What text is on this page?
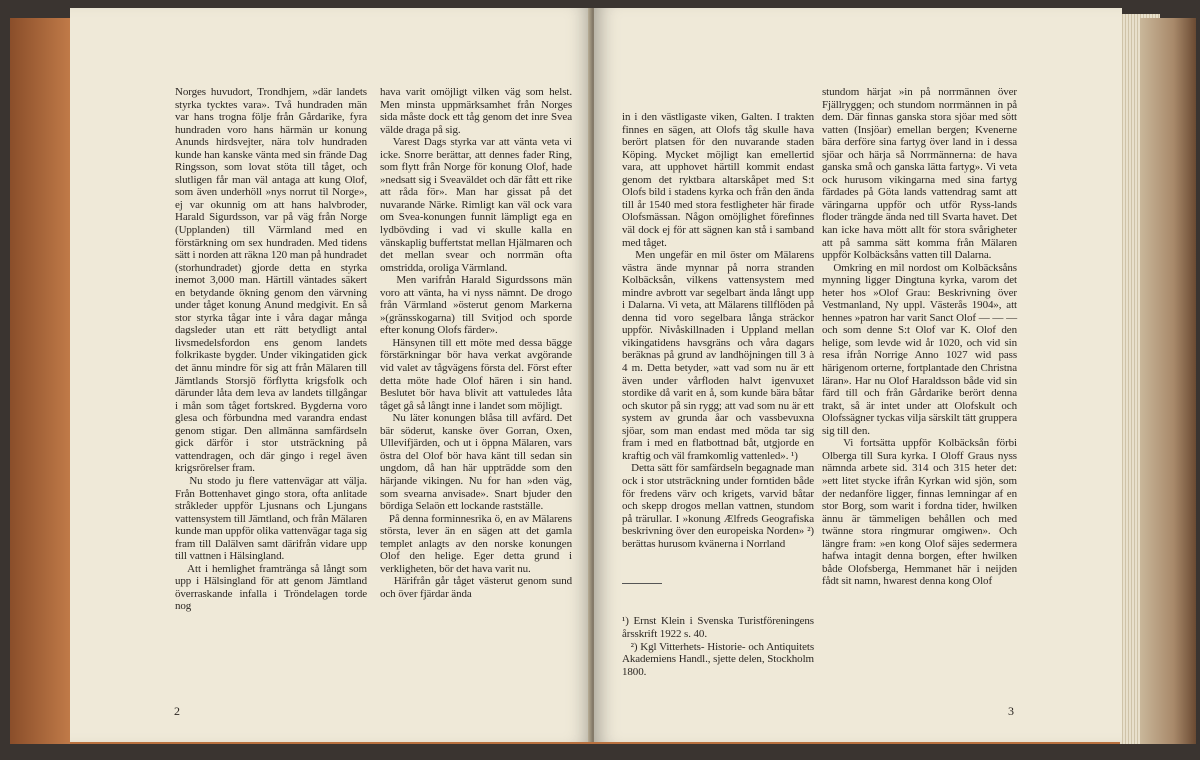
Norges huvudort, Trondhjem, »där landets styrka tycktes vara». Två hundraden män var hans trogna följe från Gårdarike, fyra hundraden voro hans härmän ur konung Anunds hirdsvejter, nära tolv hundraden kunde han kanske vänta med sin frände Dag Ringsson, som lovat stöta till tåget, och slutligen får man väl antaga att kung Olof, som även underhöll »nys norrut til Norge», ej var okunnig om att hans halvbroder, Harald Sigurdsson, var på väg från Norge (Upplanden) till Värmland med en förstärkning om sex hundraden. Med tidens sätt i norden att räkna 120 man på hundradet (storhundradet) gjorde detta en styrka inemot 3,000 man. Härtill väntades säkert en betydande ökning genom den värvning under tåget konung Anund medgivit. En så stor styrka tågar inte i våra dagar många dagsleder utan ett rätt betydligt antal livsmedelsfordon ens genom landets folkrikaste bygder. Under vikingatiden gick det ännu mindre för sig att från Mälaren till Jämtlands Storsjö förflytta krigsfolk och därunder låta dem leva av landets tillgångar i mån som tåget fortskred. Bygderna voro glesa och förbundna med varandra endast genom stigar. Den allmänna samfärdseln gick därför i stor utsträckning på vattendragen, och där gingo i regel även krigsrörelser fram.
Nu stodo ju flere vattenvägar att välja. Från Bottenhavet gingo stora, ofta anlitade stråkleder uppför Ljusnans och Ljungans vattensystem till Jämtland, och från Mälaren kunde man uppför olika vattenvägar taga sig fram till Dalälven samt därifrån vidare upp till vattnen i Hälsingland.
Att i hemlighet framtränga så långt som upp i Hälsingland för att genom Jämtland överraskande infalla i Tröndelagen torde nog
hava varit omöjligt vilken väg som helst. Men minsta uppmärksamhet från Norges sida måste dock ett tåg genom det inre Svea välde draga på sig.
Varest Dags styrka var att vänta veta vi icke. Snorre berättar, att dennes fader Ring, som flytt från Norge för konung Olof, hade »nedsatt sig i Sveaväldet och där fått ett rike att råda för». Man har gissat på det nuvarande Närke. Rimligt kan väl ock vara om Svea-konungen funnit lämpligt ega en lydbövding i vad vi skulle kalla en vänskaplig buffertstat mellan Hjälmaren och det mellan svear och norrmän ofta omstridda, oroliga Värmland.
Men varifrån Harald Sigurdssons män voro att vänta, ha vi nyss nämnt. De drogo från Värmland »österut genom Markerna »(gränsskogarna) till Svitjod och sporde efter konung Olofs färder».
Hänsynen till ett möte med dessa bägge förstärkningar bör hava verkat avgörande vid valet av tågvägens första del. Först efter detta möte hade Olof hären i sin hand. Beslutet bör hava blivit att vattuledes låta tåget gå så långt inne i landet som möjligt.
Nu läter konungen blåsa till avfärd. Det bär söderut, kanske över Gorran, Oxen, Ullevifjärden, och ut i öppna Mälaren, vars östra del Olof bör hava känt till sedan sin ungdom, då han här uppträdde som den härjande vikingen. Nu for han »den väg, som svearna anvisade». Snart bjuder den bördiga Selaön ett lockande rastställe.
På denna forminnesrika ö, en av Mälarens största, lever än en sägen att det gamla templet anlagts av den norske konungen Olof den helige. Eger detta grund i verkligheten, bör det hava varit nu.
Härifrån går tåget västerut genom sund och över fjärdar ända
2

in i den västligaste viken, Galten. I trakten finnes en sägen, att Olofs tåg skulle hava berört platsen för den nuvarande staden Köping. Mycket möjligt kan emellertid vara, att upphovet härtill kommit endast genom det ryktbara altarskåpet med S:t Olofs bild i stadens kyrka och från den ända till år 1540 med stora festligheter här firade Olofsmässan. Någon omöjlighet förefinnes väl dock ej för att sägnen kan stå i samband med tåget.
Men ungefär en mil öster om Mälarens västra ände mynnar på norra stranden Kolbäcksån, vilkens vattensystem med mindre avbrott var segelbart ända långt upp i Dalarna. Vi veta, att Mälarens tillflöden på denna tid voro segelbara långa sträckor uppför. Nivåskillnaden i Uppland mellan vikingatidens havsgräns och våra dagars beräknas på grund av landhöjningen till 3 à 4 m. Detta betyder, »att vad som nu är ett även under vårfloden halvt igenvuxet stordike då varit en å, som kunde bära båtar och skutor på sin rygg; att vad som nu är ett system av grunda åar och vassbevuxna sjöar, som man endast med möda tar sig fram i med en flatbottnad båt, utgjorde en kraftig och väl framkomlig vattenled». ¹)
Detta sätt för samfärdseln begagnade man ock i stor utsträckning under forntiden både för fredens värv och krigets, varvid båtar och skepp drogos mellan vattnen, stundom på trärullar. I »konung Ælfreds Geografiska beskrivning över den europeiska Norden» ²) berättas hurusom kvänerna i Norrland

¹) Ernst Klein i Svenska Turistföreningens årsskrift 1922 s. 40.
²) Kgl Vitterhets- Historie- och Antiquitets Akademiens Handl., sjette delen, Stockholm 1800.

stundom härjat »in på norrmännen över Fjällryggen; och stundom norrmännen in på dem. Där finnas ganska stora sjöar med sött vatten (Insjöar) emellan bergen; Kvenerne bära derföre sina fartyg över land in i dessa sjöar och härja så Norrmännerna: de hava ganska små och ganska lätta fartyg». Vi veta ock hurusom vikingarna med sina fartyg färdades på Göta lands vattendrag samt att väringarna uppför och utför Ryss-lands floder trängde ända ned till Svarta havet. Det kan icke hava mött allt för stora svårigheter att på samma sätt komma från Mälaren uppför Kolbäcksåns vatten till Dalarna.
Omkring en mil nordost om Kolbäcksåns mynning ligger Dingtuna kyrka, varom det heter hos »Olof Grau: Beskrivning över Vestmanland, Ny uppl. Västerås 1904», att hennes »patron har varit Sanct Olof — — — och som denne S:t Olof var K. Olof den helige, som levde wid år 1020, och vid sin resa ifrån Norrige Anno 1027 wid pass härigenom orterne, fortplantade den Christna läran». Har nu Olof Haraldsson både vid sin färd till och från Gårdarike berört denna trakt, så är intet under att Olofskult och Olofssägner tyckas vilja särskilt tätt gruppera sig till den.
Vi fortsätta uppför Kolbäcksån förbi Olberga till Sura kyrka. I Oloff Graus nyss nämnda arbete sid. 314 och 315 heter det: »ett litet stycke ifrån Kyrkan wid sjön, som der nedanföre ligger, finnas lemningar af en stor Borg, som warit i fordna tider, hwilken ännu är tämmeligen behållen och med twänne stora ringmurar omgiwen». Och längre fram: »en kong Olof säjes sedermera hafwa intagit denna borgen, efter hwilken både Olofsberga, Hemmanet här i neijden fådt sit namn, hwarest denna kong Olof
3
